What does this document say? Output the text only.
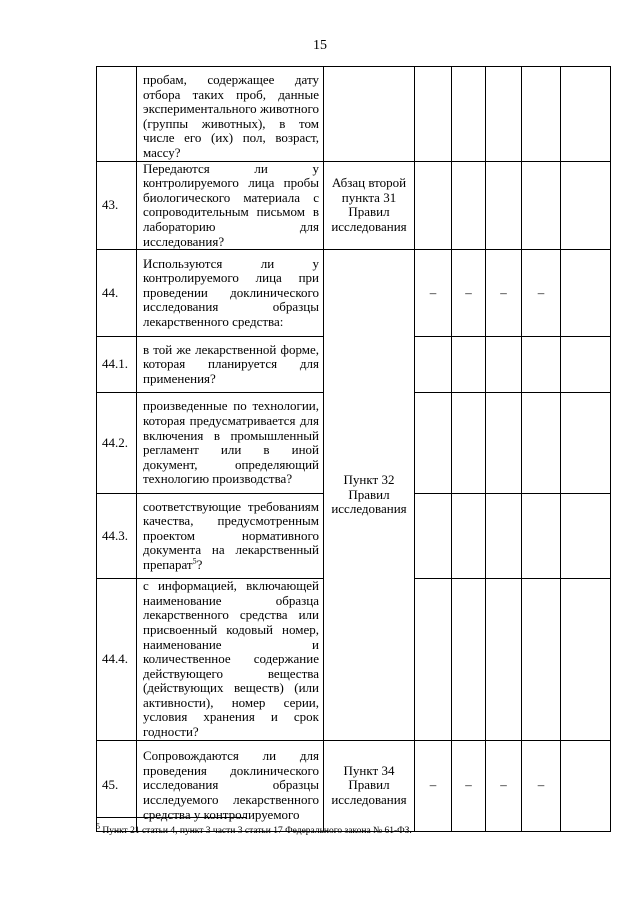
15
	пробам, содержащее дату отбора таких проб, данные экспериментального животного (группы животных), в том числе его (их) пол, возраст, массу?						
43.	Передаются ли у контролируемого лица пробы биологического материала с сопроводительным письмом в лабораторию для исследования?	Абзац второй пункта 31 Правил исследования					
44.	Используются ли у контролируемого лица при проведении доклинического исследования образцы лекарственного средства:	Пункт 32 Правил исследования	–	–	–	–	
44.1.	в той же лекарственной форме, которая планируется для применения?						
44.2.	произведенные по технологии, которая предусматривается для включения в промышленный регламент или в иной документ, определяющий технологию производства?						
44.3.	соответствующие требованиям качества, предусмотренным проектом нормативного документа на лекарственный препарат$^5$?						
44.4.	с информацией, включающей наименование образца лекарственного средства или присвоенный кодовый номер, наименование и количественное содержание действующего вещества (действующих веществ) (или активности), номер серии, условия хранения и срок годности?						
45.	Сопровождаются ли для проведения доклинического исследования образцы исследуемого лекарственного средства у контролируемого	Пункт 34 Правил исследования	–	–	–	–	
$^5$ Пункт 21 статьи 4, пункт 3 части 3 статьи 17 Федерального закона № 61-ФЗ.
